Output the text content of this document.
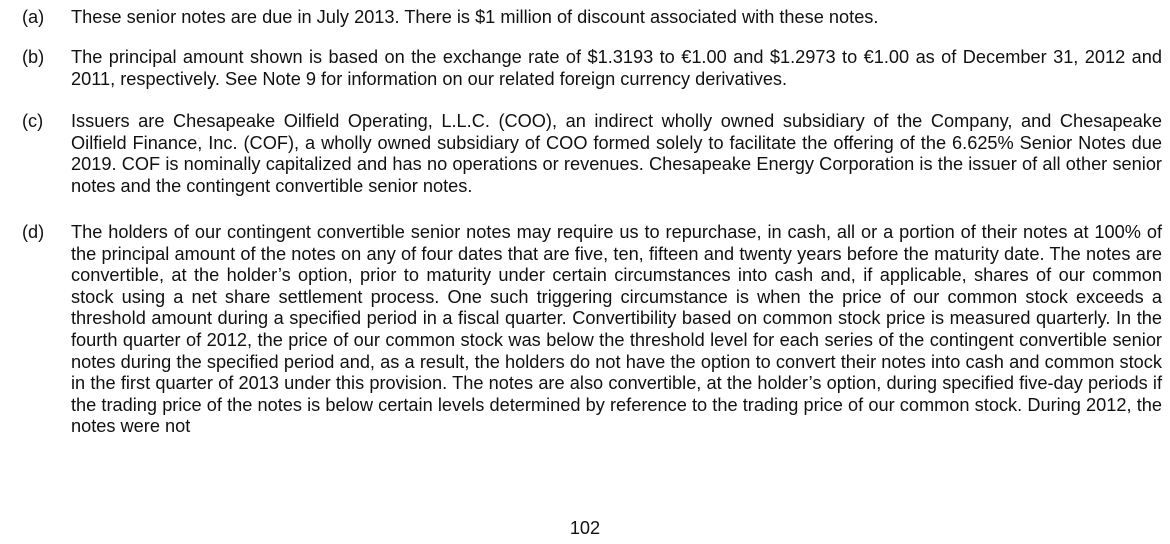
(a)	These senior notes are due in July 2013. There is $1 million of discount associated with these notes.
(b)	The principal amount shown is based on the exchange rate of $1.3193 to €1.00 and $1.2973 to €1.00 as of December 31, 2012 and 2011, respectively. See Note 9 for information on our related foreign currency derivatives.
(c)	Issuers are Chesapeake Oilfield Operating, L.L.C. (COO), an indirect wholly owned subsidiary of the Company, and Chesapeake Oilfield Finance, Inc. (COF), a wholly owned subsidiary of COO formed solely to facilitate the offering of the 6.625% Senior Notes due 2019. COF is nominally capitalized and has no operations or revenues. Chesapeake Energy Corporation is the issuer of all other senior notes and the contingent convertible senior notes.
(d)	The holders of our contingent convertible senior notes may require us to repurchase, in cash, all or a portion of their notes at 100% of the principal amount of the notes on any of four dates that are five, ten, fifteen and twenty years before the maturity date. The notes are convertible, at the holder’s option, prior to maturity under certain circumstances into cash and, if applicable, shares of our common stock using a net share settlement process. One such triggering circumstance is when the price of our common stock exceeds a threshold amount during a specified period in a fiscal quarter. Convertibility based on common stock price is measured quarterly. In the fourth quarter of 2012, the price of our common stock was below the threshold level for each series of the contingent convertible senior notes during the specified period and, as a result, the holders do not have the option to convert their notes into cash and common stock in the first quarter of 2013 under this provision. The notes are also convertible, at the holder’s option, during specified five-day periods if the trading price of the notes is below certain levels determined by reference to the trading price of our common stock. During 2012, the notes were not
102
